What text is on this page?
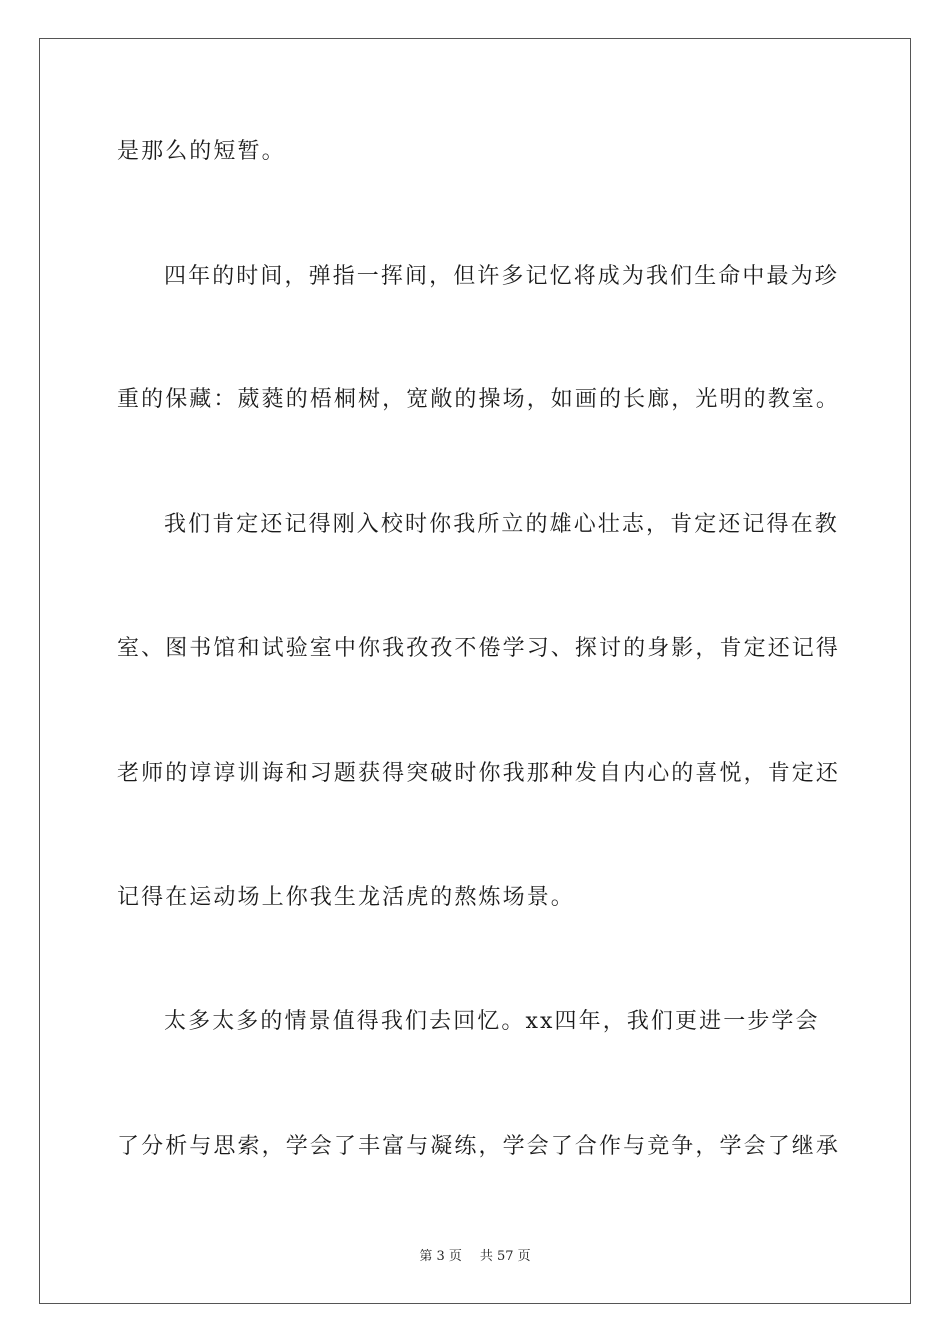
是那么的短暂。
四年的时间，弹指一挥间，但许多记忆将成为我们生命中最为珍
重的保藏：葳蕤的梧桐树，宽敞的操场，如画的长廊，光明的教室。
我们肯定还记得刚入校时你我所立的雄心壮志，肯定还记得在教
室、图书馆和试验室中你我孜孜不倦学习、探讨的身影，肯定还记得
老师的谆谆训诲和习题获得突破时你我那种发自内心的喜悦，肯定还
记得在运动场上你我生龙活虎的熬炼场景。
太多太多的情景值得我们去回忆。xx四年，我们更进一步学会
了分析与思索，学会了丰富与凝练，学会了合作与竞争，学会了继承
第 3 页 共 57 页
